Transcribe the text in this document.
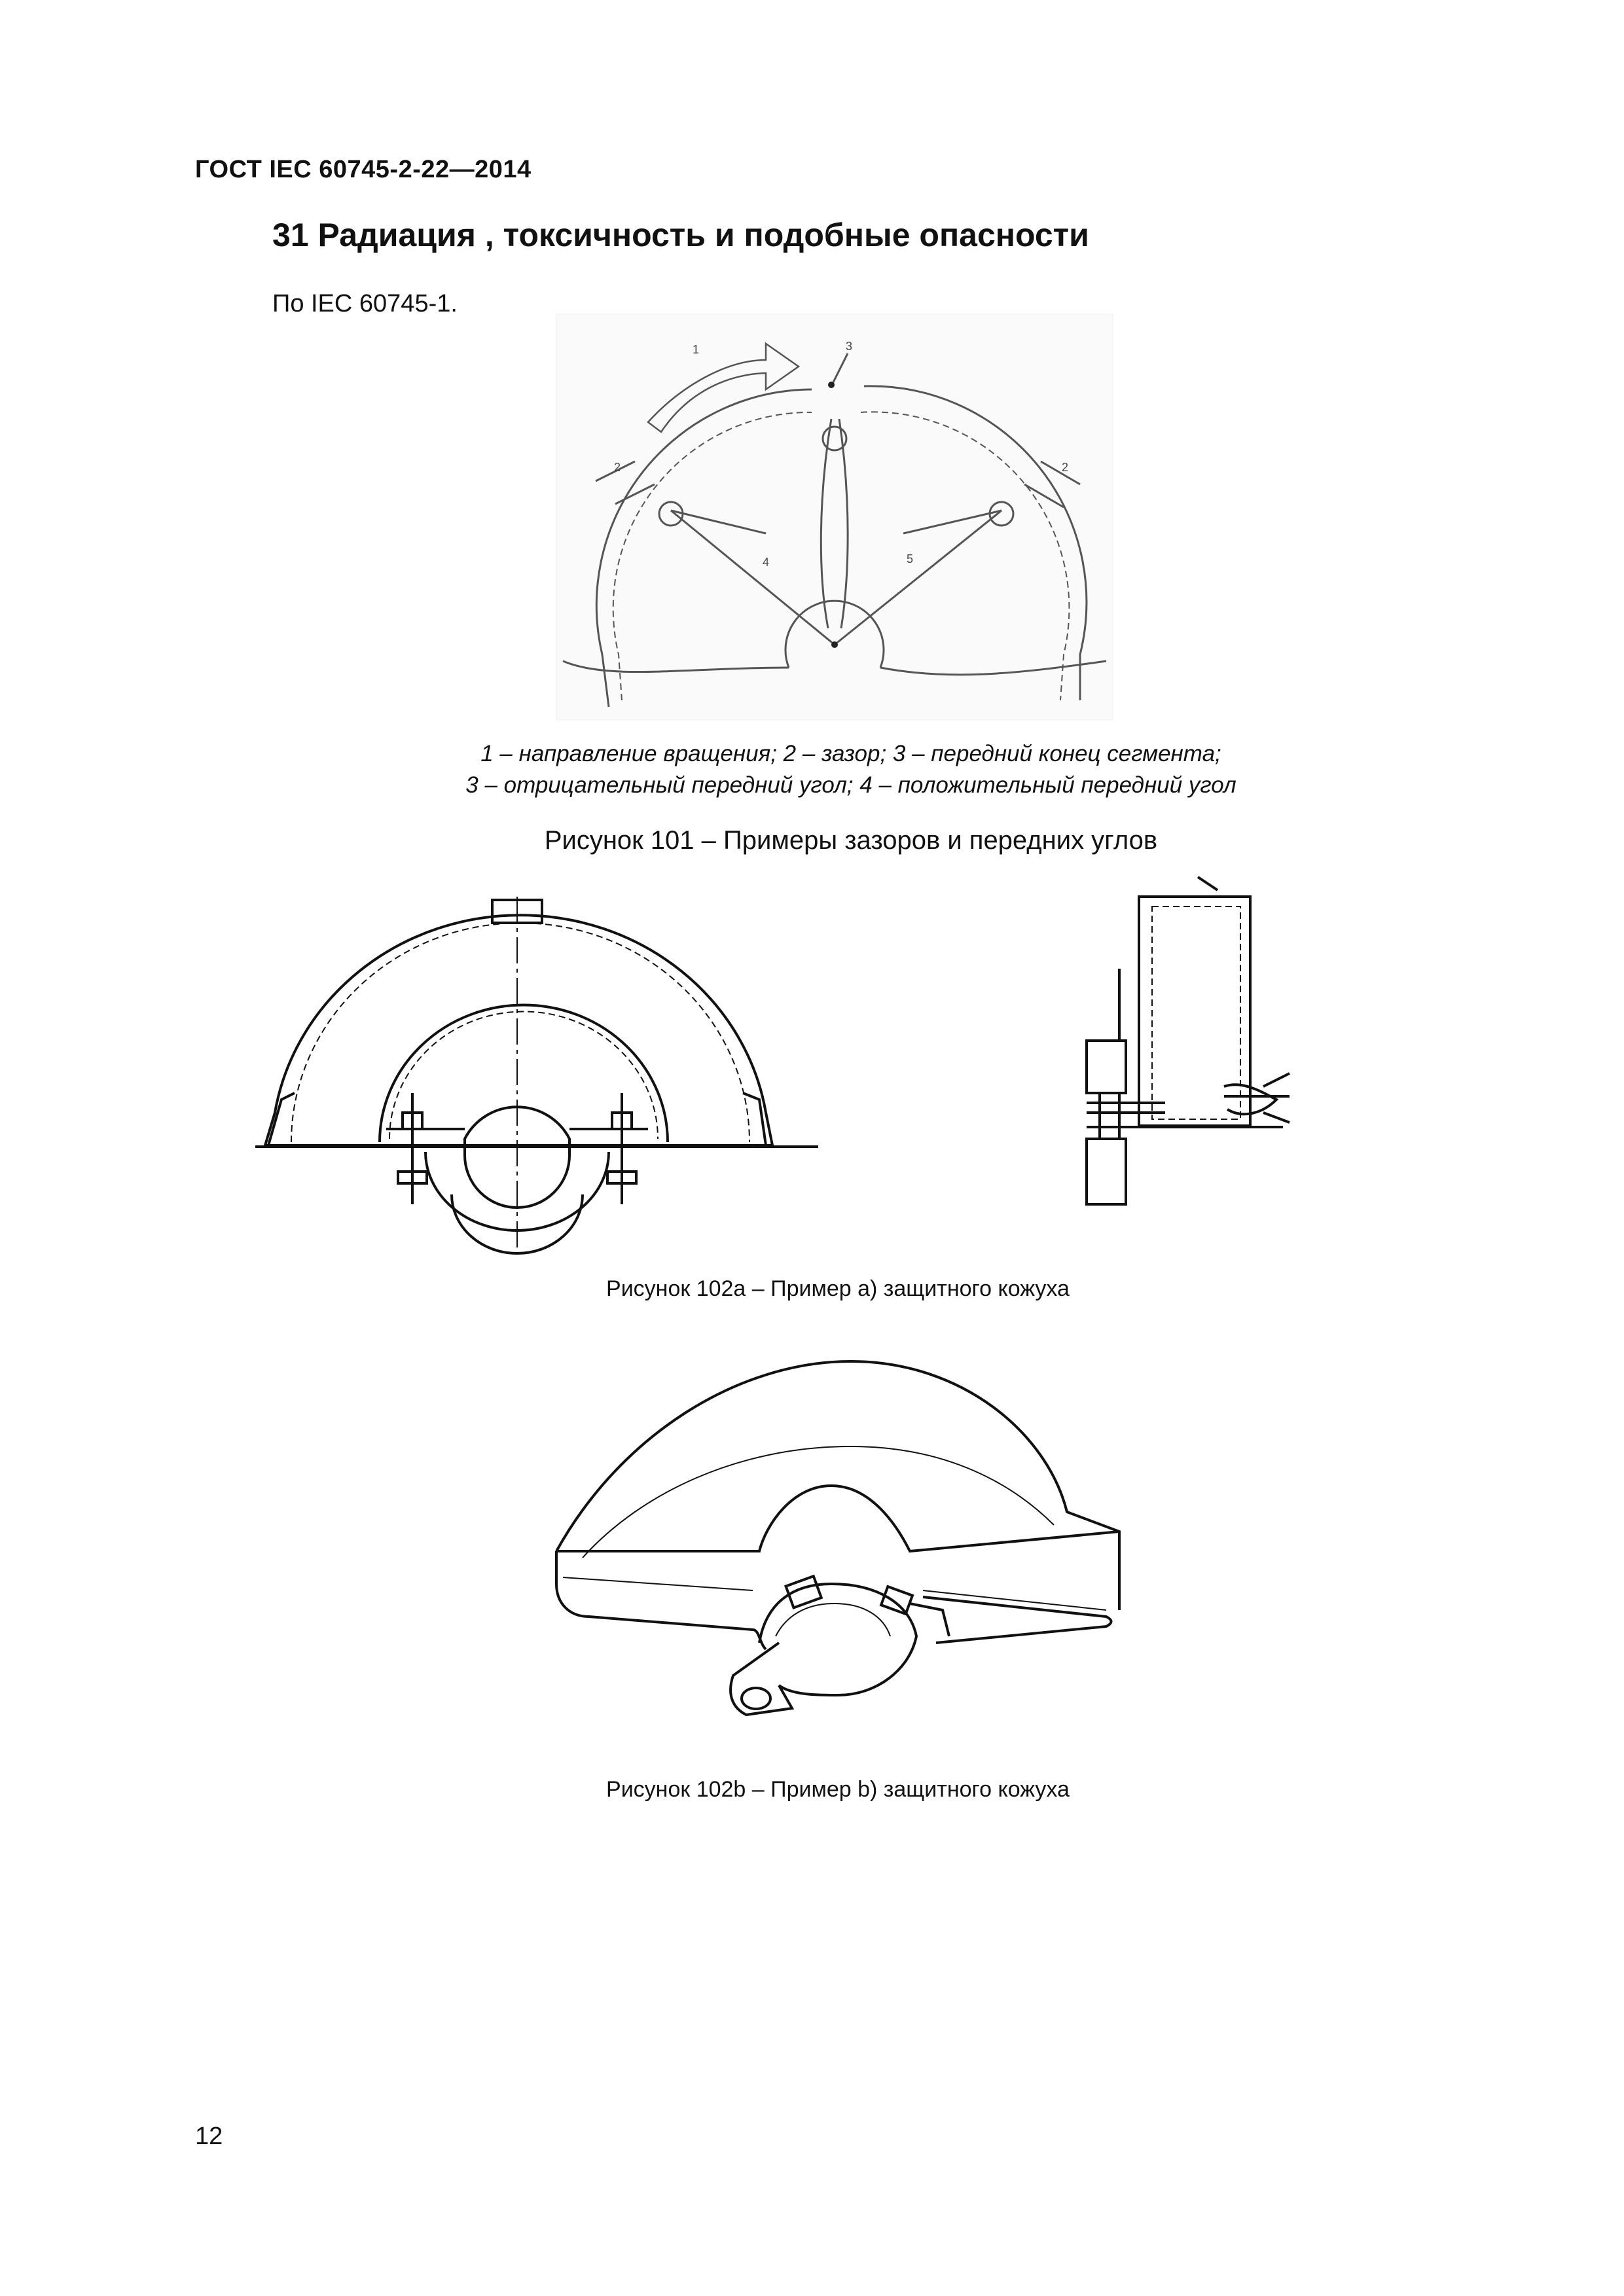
ГОСТ IEC 60745-2-22—2014
31 Радиация , токсичность и подобные опасности
По IEC 60745-1.
1
2	2
3
4	5
1 – направление вращения; 2 – зазор; 3 – передний конец сегмента;
3 – отрицательный передний угол; 4 – положительный передний угол
Рисунок 101 – Примеры зазоров и передних углов
Рисунок 102a – Пример a) защитного кожуха
Рисунок 102b – Пример b) защитного кожуха
12
